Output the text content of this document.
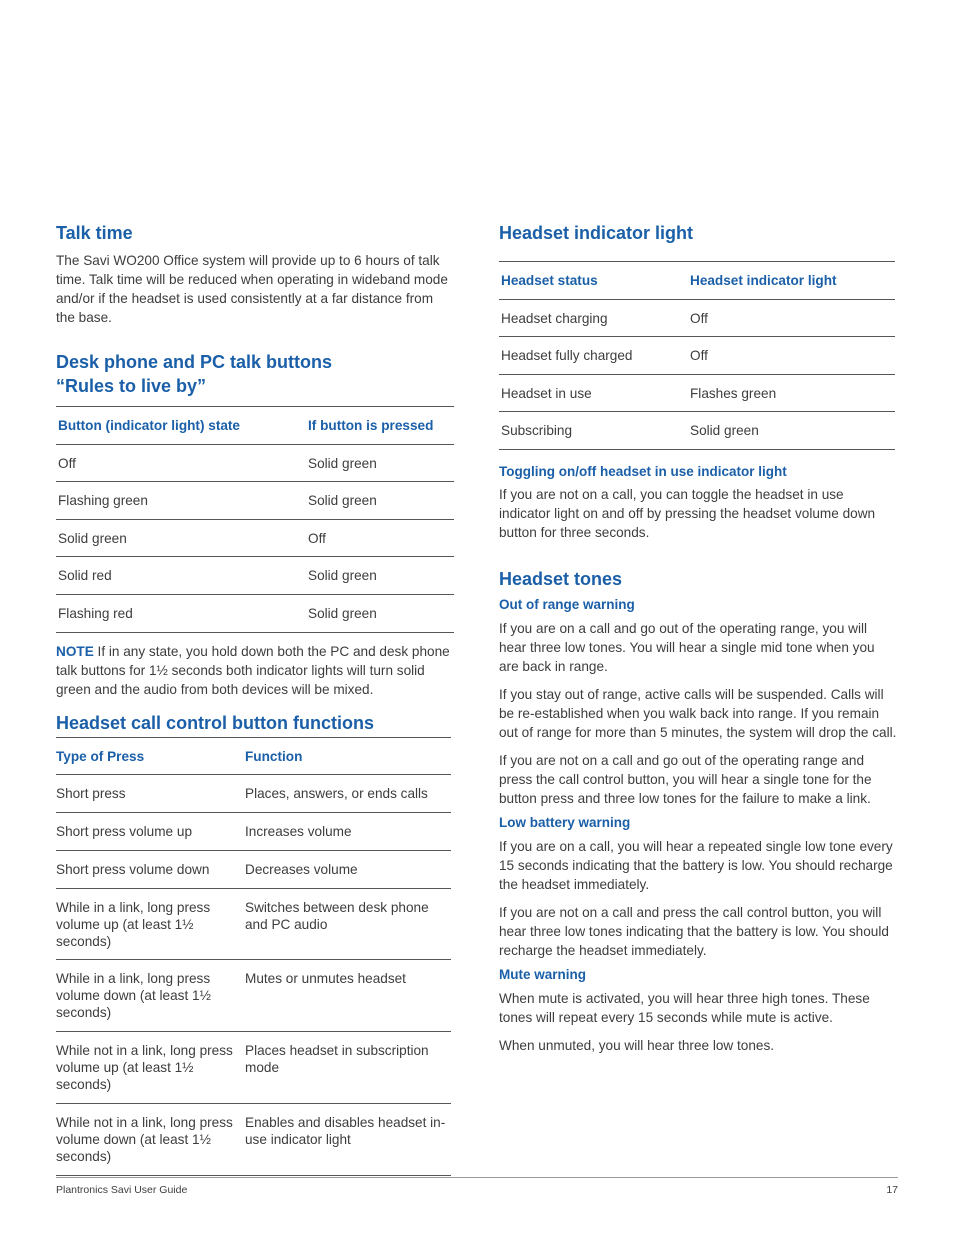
Talk time

The Savi WO200 Office system will provide up to 6 hours of talk time. Talk time will be reduced when operating in wideband mode and/or if the headset is used consistently at a far distance from the base.

Desk phone and PC talk buttons
“Rules to live by”
Button (indicator light) state	If button is pressed
Off	Solid green
Flashing green	Solid green
Solid green	Off
Solid red	Solid green
Flashing red	Solid green

NOTE If in any state, you hold down both the PC and desk phone talk buttons for 1½ seconds both indicator lights will turn solid green and the audio from both devices will be mixed.

Headset call control button functions
Type of Press	Function
Short press	Places, answers, or ends calls
Short press volume up	Increases volume
Short press volume down	Decreases volume
While in a link, long press volume up (at least 1½ seconds)	Switches between desk phone and PC audio
While in a link, long press volume down (at least 1½ seconds)	Mutes or unmutes headset
While not in a link, long press volume up (at least 1½ seconds)	Places headset in subscription mode
While not in a link, long press volume down (at least 1½ seconds)	Enables and disables headset in-use indicator light
Headset indicator light
Headset status	Headset indicator light
Headset charging	Off
Headset fully charged	Off
Headset in use	Flashes green
Subscribing	Solid green
Toggling on/off headset in use indicator light

If you are not on a call, you can toggle the headset in use indicator light on and off by pressing the headset volume down button for three seconds.

Headset tones
Out of range warning

If you are on a call and go out of the operating range, you will hear three low tones. You will hear a single mid tone when you are back in range.

If you stay out of range, active calls will be suspended. Calls will be re-established when you walk back into range. If you remain out of range for more than 5 minutes, the system will drop the call.

If you are not on a call and go out of the operating range and press the call control button, you will hear a single tone for the button press and three low tones for the failure to make a link.

Low battery warning

If you are on a call, you will hear a repeated single low tone every 15 seconds indicating that the battery is low. You should recharge the headset immediately.

If you are not on a call and press the call control button, you will hear three low tones indicating that the battery is low. You should recharge the headset immediately.

Mute warning

When mute is activated, you will hear three high tones. These tones will repeat every 15 seconds while mute is active.

When unmuted, you will hear three low tones.

Plantronics Savi User Guide	17
